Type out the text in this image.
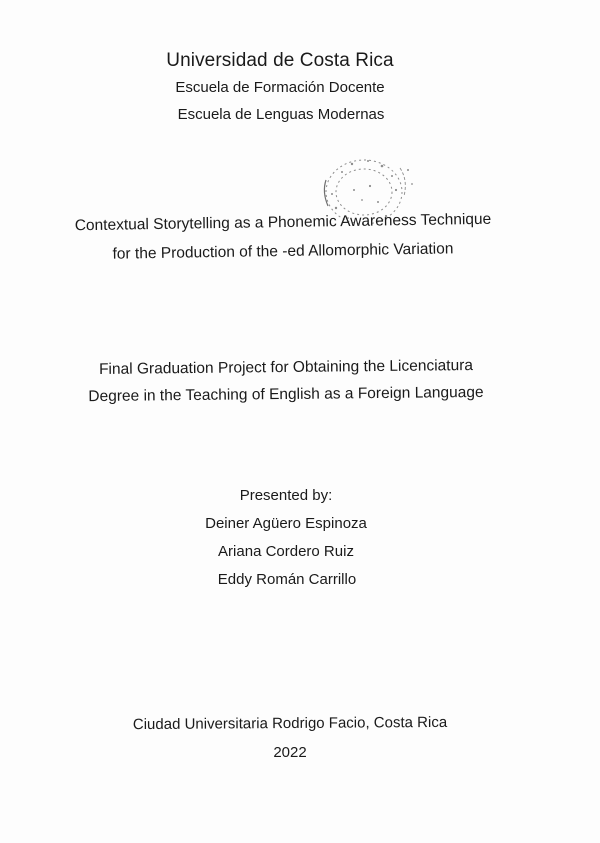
Universidad de Costa Rica
Escuela de Formación Docente
Escuela de Lenguas Modernas
Contextual Storytelling as a Phonemic Awareness Technique
for the Production of the -ed Allomorphic Variation
Final Graduation Project for Obtaining the Licenciatura
Degree in the Teaching of English as a Foreign Language
Presented by:
Deiner Agüero Espinoza
Ariana Cordero Ruiz
Eddy Román Carrillo
Ciudad Universitaria Rodrigo Facio, Costa Rica
2022
